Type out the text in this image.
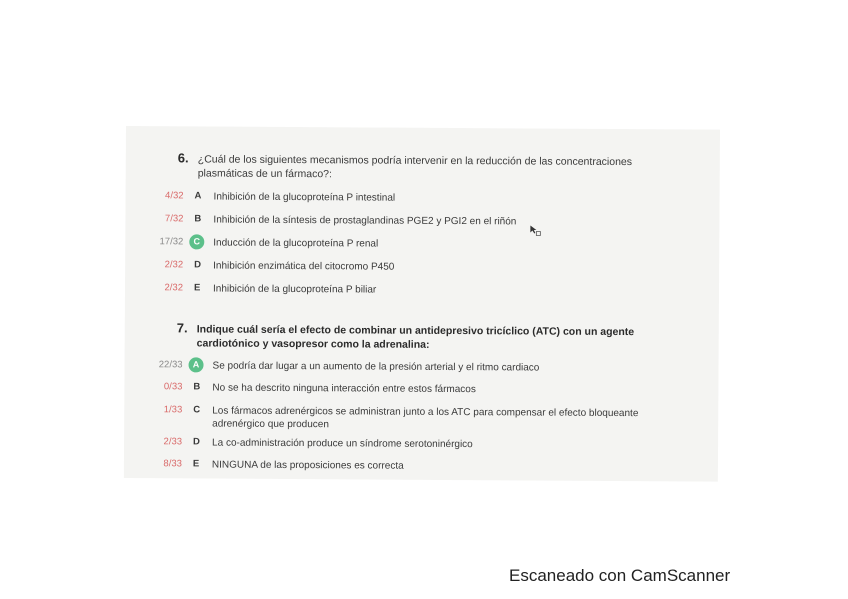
6. ¿Cuál de los siguientes mecanismos podría intervenir en la reducción de las concentraciones plasmáticas de un fármaco?:
4/32 A Inhibición de la glucoproteína P intestinal
7/32 B Inhibición de la síntesis de prostaglandinas PGE2 y PGI2 en el riñón
17/32	C	Inducción de la glucoproteína P renal
2/32 D Inhibición enzimática del citocromo P450
2/32 E Inhibición de la glucoproteína P biliar
7. Indique cuál sería el efecto de combinar un antidepresivo tricíclico (ATC) con un agente cardiotónico y vasopresor como la adrenalina:
22/33	A	Se podría dar lugar a un aumento de la presión arterial y el ritmo cardiaco
0/33 B No se ha descrito ninguna interacción entre estos fármacos
1/33 C Los fármacos adrenérgicos se administran junto a los ATC para compensar el efecto bloqueante adrenérgico que producen
2/33 D La co-administración produce un síndrome serotoninérgico
8/33 E NINGUNA de las proposiciones es correcta
Escaneado con CamScanner
